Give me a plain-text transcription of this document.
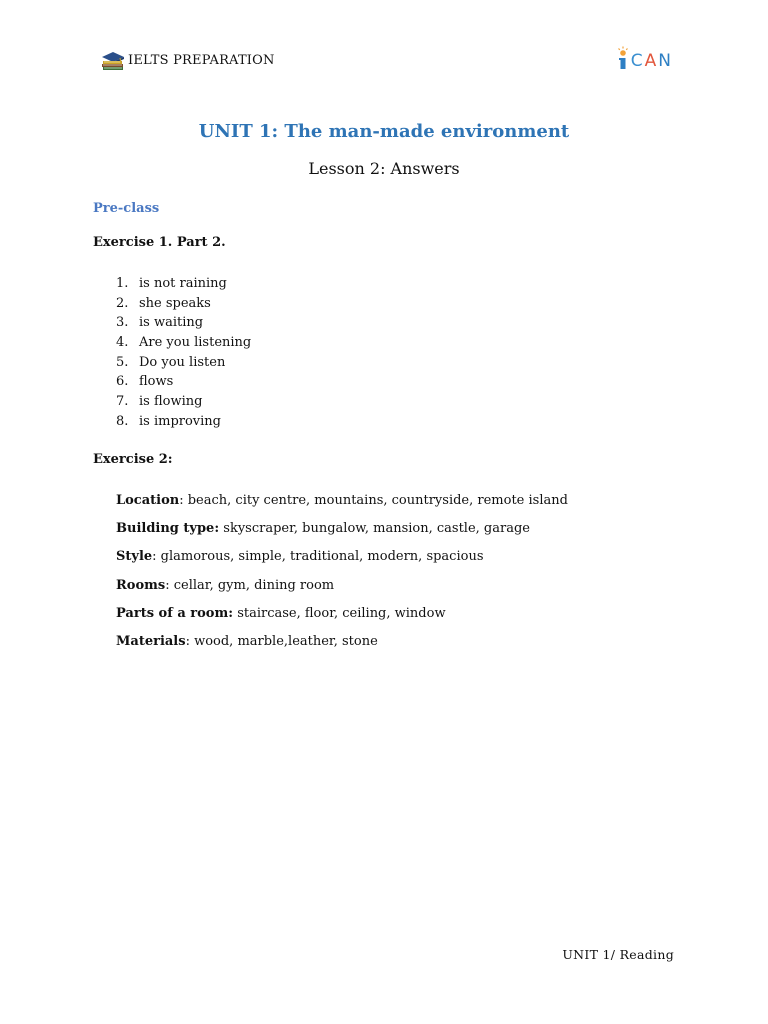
IELTS PREPARATION	CAN
UNIT 1: The man-made environment
Lesson 2: Answers
Pre-class
Exercise 1. Part 2.
1. is not raining
2. she speaks
3. is waiting
4. Are you listening
5. Do you listen
6. flows
7. is flowing
8. is improving
Exercise 2:
Location: beach, city centre, mountains, countryside, remote island
Building type: skyscraper, bungalow, mansion, castle, garage
Style: glamorous, simple, traditional, modern, spacious
Rooms: cellar, gym, dining room
Parts of a room: staircase, floor, ceiling, window
Materials: wood, marble,leather, stone
UNIT 1/ Reading
